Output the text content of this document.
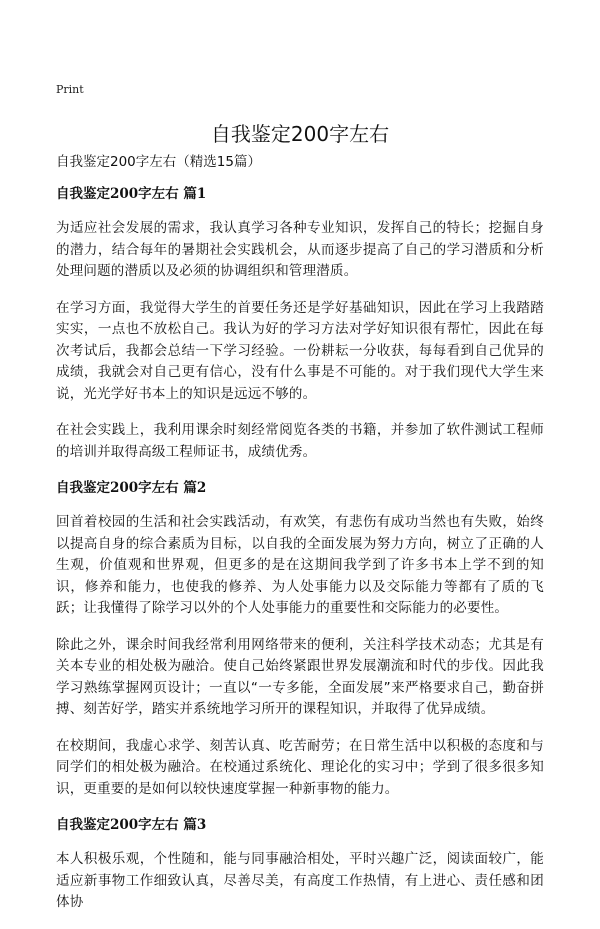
Print
自我鉴定200字左右

自我鉴定200字左右（精选15篇）

自我鉴定200字左右 篇1

为适应社会发展的需求，我认真学习各种专业知识，发挥自己的特长；挖掘自身的潜力，结合每年的暑期社会实践机会，从而逐步提高了自己的学习潜质和分析处理问题的潜质以及必须的协调组织和管理潜质。

在学习方面，我觉得大学生的首要任务还是学好基础知识，因此在学习上我踏踏实实，一点也不放松自己。我认为好的学习方法对学好知识很有帮忙，因此在每次考试后，我都会总结一下学习经验。一份耕耘一分收获，每每看到自己优异的成绩，我就会对自己更有信心，没有什么事是不可能的。对于我们现代大学生来说，光光学好书本上的知识是远远不够的。

在社会实践上，我利用课余时刻经常阅览各类的书籍，并参加了软件测试工程师的培训并取得高级工程师证书，成绩优秀。

自我鉴定200字左右 篇2

回首着校园的生活和社会实践活动，有欢笑，有悲伤有成功当然也有失败，始终以提高自身的综合素质为目标，以自我的全面发展为努力方向，树立了正确的人生观，价值观和世界观，但更多的是在这期间我学到了许多书本上学不到的知识，修养和能力，也使我的修养、为人处事能力以及交际能力等都有了质的飞跃；让我懂得了除学习以外的个人处事能力的重要性和交际能力的必要性。

除此之外，课余时间我经常利用网络带来的便利，关注科学技术动态；尤其是有关本专业的相处极为融洽。使自己始终紧跟世界发展潮流和时代的步伐。因此我学习熟练掌握网页设计；一直以“一专多能，全面发展”来严格要求自己，勤奋拼搏、刻苦好学，踏实并系统地学习所开的课程知识，并取得了优异成绩。

在校期间，我虚心求学、刻苦认真、吃苦耐劳；在日常生活中以积极的态度和与同学们的相处极为融洽。在校通过系统化、理论化的实习中；学到了很多很多知识，更重要的是如何以较快速度掌握一种新事物的能力。

自我鉴定200字左右 篇3

本人积极乐观，个性随和，能与同事融洽相处，平时兴趣广泛，阅读面较广，能适应新事物工作细致认真，尽善尽美，有高度工作热情，有上进心、责任感和团体协
